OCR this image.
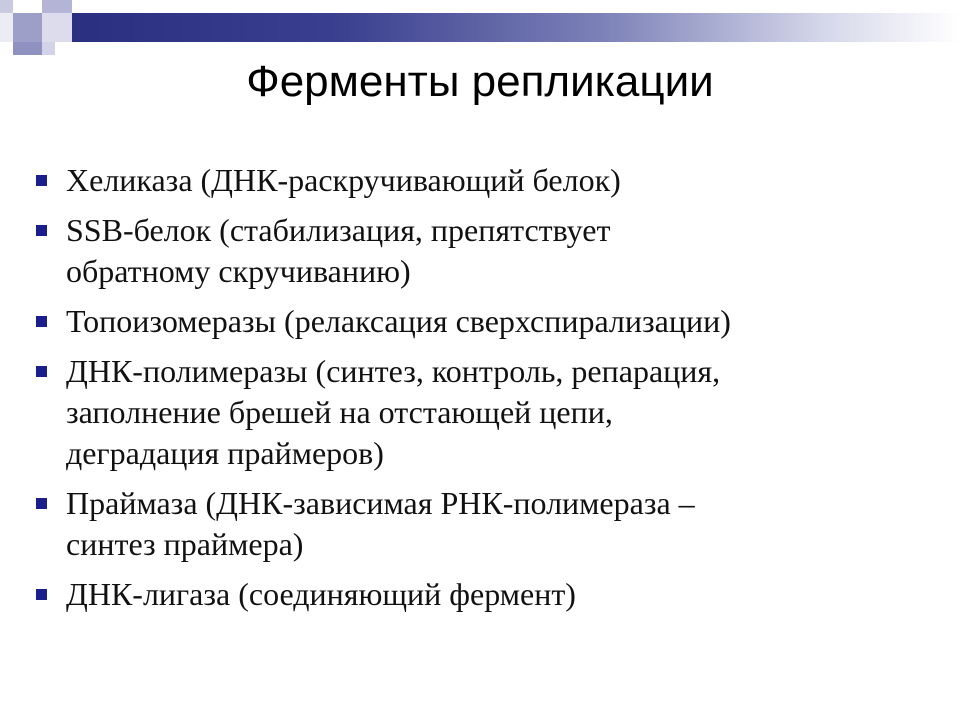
Ферменты репликации
Хеликаза (ДНК-раскручивающий белок)
SSB-белок (стабилизация, препятствует
обратному скручиванию)
Топоизомеразы (релаксация сверхспирализации)
ДНК-полимеразы (синтез, контроль, репарация,
заполнение брешей на отстающей цепи,
деградация праймеров)
Праймаза (ДНК-зависимая РНК-полимераза –
синтез праймера)
ДНК-лигаза (соединяющий фермент)
